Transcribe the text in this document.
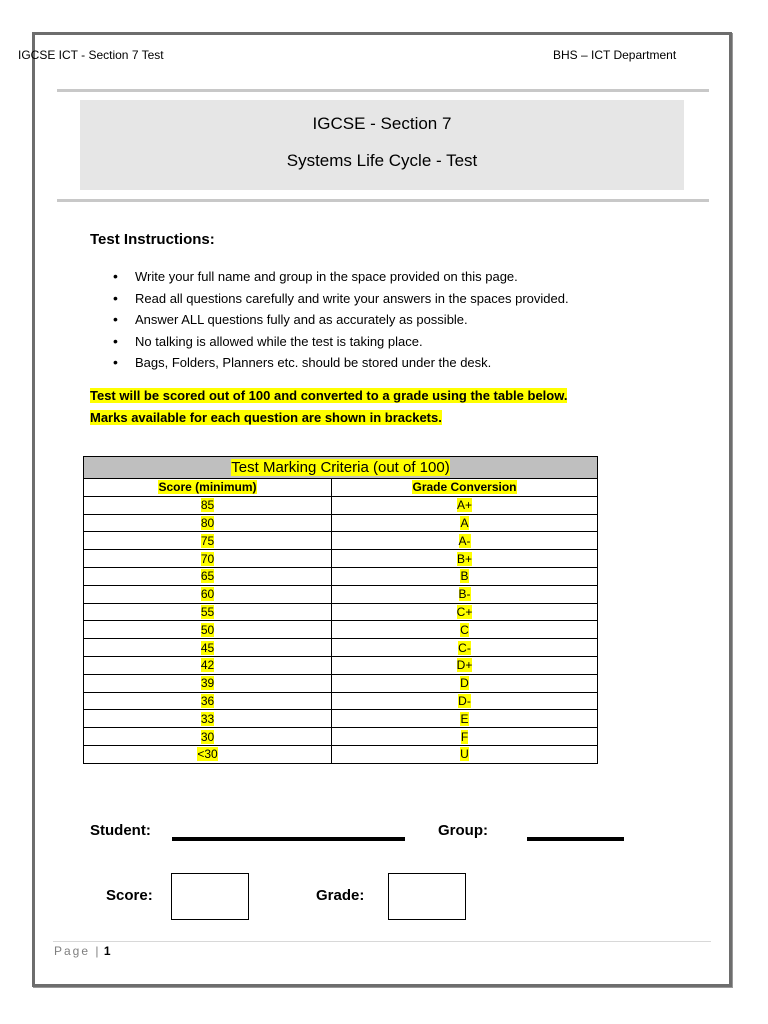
IGCSE ICT - Section 7 Test	BHS – ICT Department
IGCSE - Section 7
Systems Life Cycle - Test
Test Instructions:
• Write your full name and group in the space provided on this page.
• Read all questions carefully and write your answers in the spaces provided.
• Answer ALL questions fully and as accurately as possible.
• No talking is allowed while the test is taking place.
• Bags, Folders, Planners etc. should be stored under the desk.
Test will be scored out of 100 and converted to a grade using the table below.
Marks available for each question are shown in brackets.
Test Marking Criteria (out of 100)	
Score (minimum)	Grade Conversion
85	A+
80	A
75	A-
70	B+
65	B
60	B-
55	C+
50	C
45	C-
42	D+
39	D
36	D-
33	E
30	F
<30	U
Student:	Group:
Score:	Grade:
Page | 1
